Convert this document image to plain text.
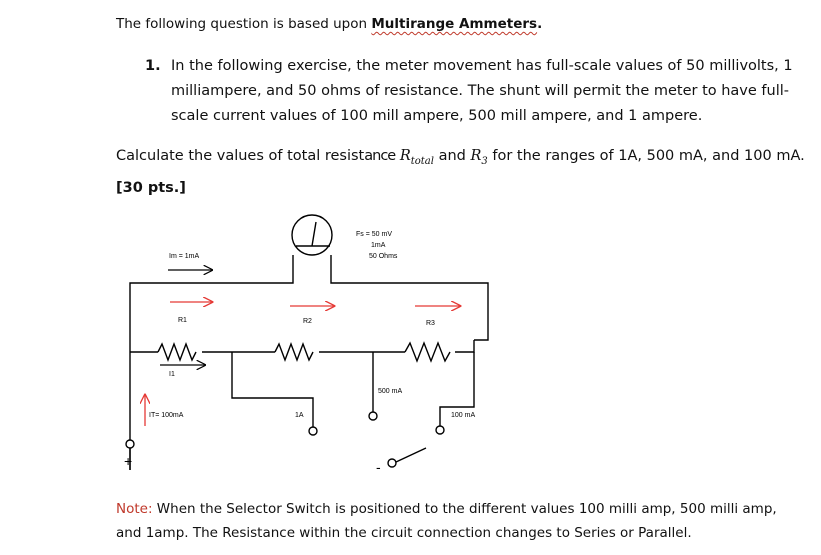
The following question is based upon Multirange Ammeters.
1. In the following exercise, the meter movement has full-scale values of 50 millivolts, 1 milliampere, and 50 ohms of resistance. The shunt will permit the meter to have full-scale current values of 100 mill ampere, 500 mill ampere, and 1 ampere.
Calculate the values of total resistance $R_{total}$ and $R_3$ for the ranges of 1A, 500 mA, and 100 mA. [30 pts.]
Fs = 50 mV
1mA
50 Ohms
Im = 1mA
R1	R2	R3
I1
IT= 100mA	1A
500 mA
100 mA
+	-
Note: When the Selector Switch is positioned to the different values 100 milli amp, 500 milli amp, and 1amp. The Resistance within the circuit connection changes to Series or Parallel.
